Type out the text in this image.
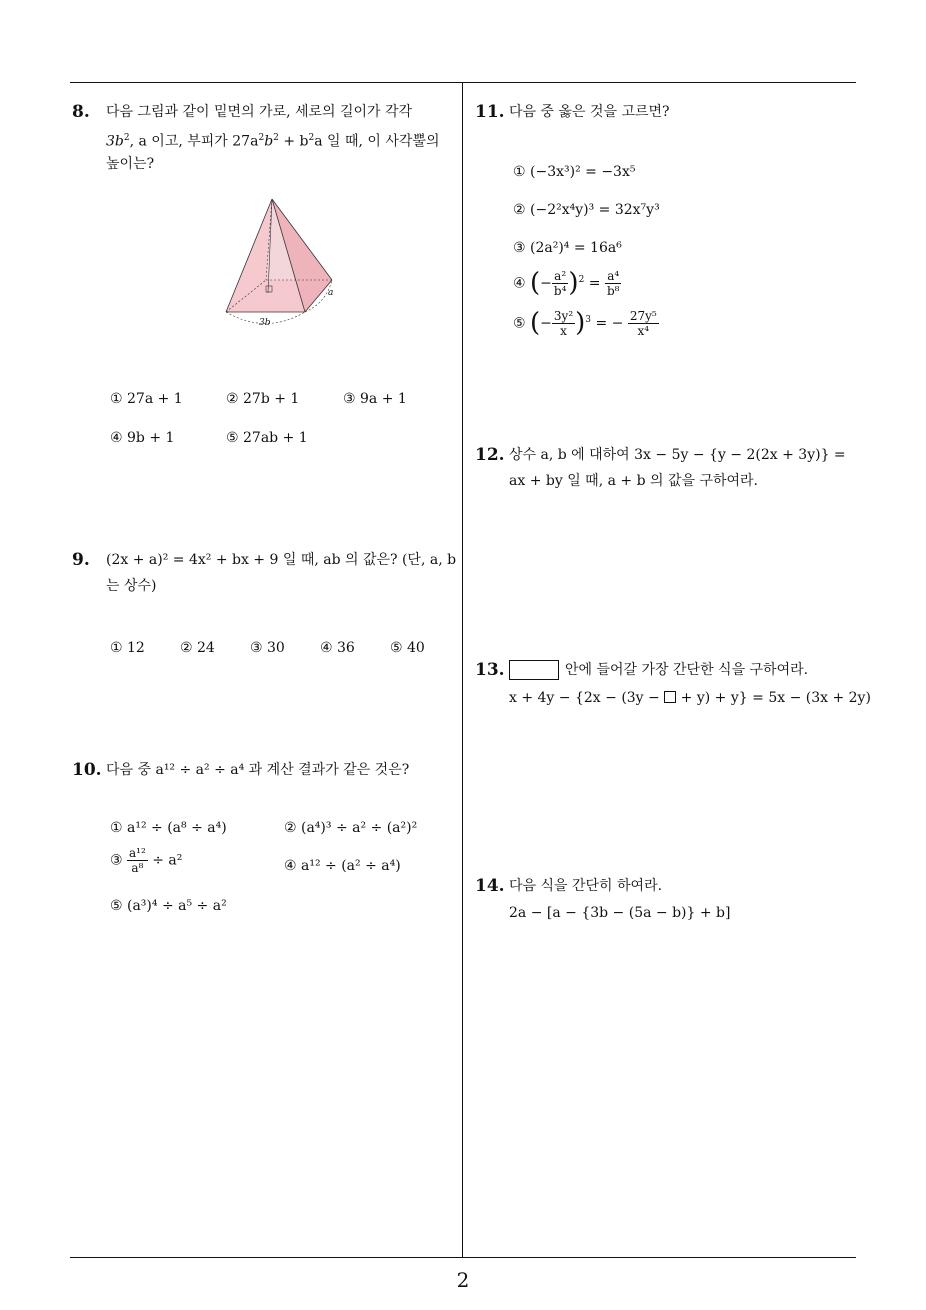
8. 다음 그림과 같이 밑면의 가로, 세로의 길이가 각각
$3b^2$, a 이고, 부피가 $27a^2b^2 + b^2a$ 일 때, 이 사각뿔의
높이는?
a
3b
① 27a + 1	② 27b + 1	③ 9a + 1
④ 9b + 1	⑤ 27ab + 1
9. (2x + a)² = 4x² + bx + 9 일 때, ab 의 값은? (단, a, b
는 상수)
① 12	② 24	③ 30	④ 36	⑤ 40
10. 다음 중 a¹² ÷ a² ÷ a⁴ 과 계산 결과가 같은 것은?
① a¹² ÷ (a⁸ ÷ a⁴)	② (a⁴)³ ÷ a² ÷ (a²)²
③ $\frac{\text{a¹²}}{\text{a⁸}} \div a^2$	④ a¹² ÷ (a² ÷ a⁴)
⑤ (a³)⁴ ÷ a⁵ ÷ a²
11. 다음 중 옳은 것을 고르면?
① (−3x³)² = −3x⁵
② (−2²x⁴y)³ = 32x⁷y³
③ (2a²)⁴ = 16a⁶
④ (− $\frac{\text{a²}}{\text{b⁴}} )^2 = \frac{\text{a⁴}}{\text{b⁸}}$
⑤ (− $\frac{\text{3y²}}{x} )^3$ = − $\frac{\text{27y⁵}}{\text{x⁴}}$
12. 상수 a, b 에 대하여 3x − 5y − {y − 2(2x + 3y)} =
ax + by 일 때, a + b 의 값을 구하여라.
13.	안에 들어갈 가장 간단한 식을 구하여라.
x + 4y − {2x − (3y −  + y) + y} = 5x − (3x + 2y)
14. 다음 식을 간단히 하여라.
2a − [a − {3b − (5a − b)} + b]
2
